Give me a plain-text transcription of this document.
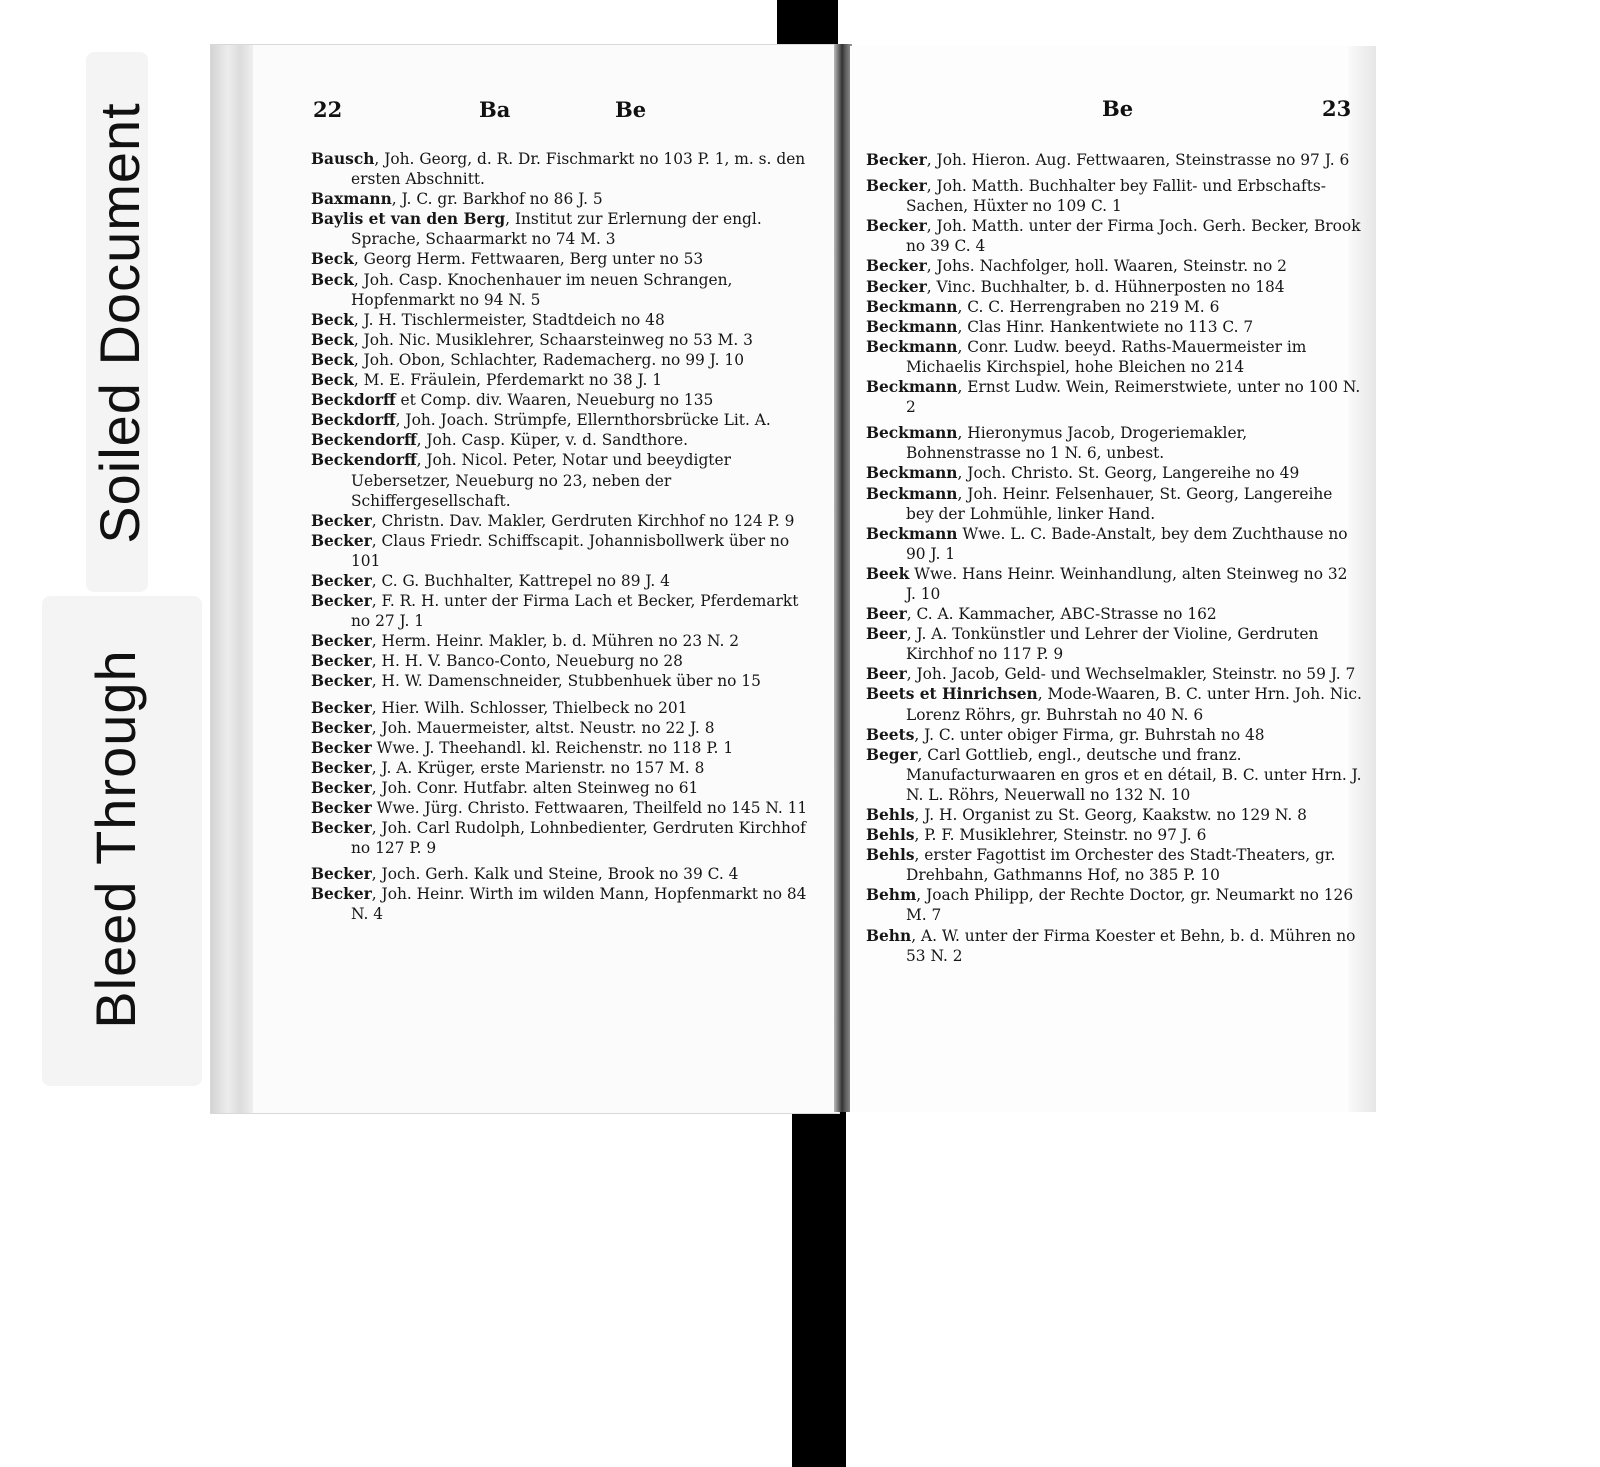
Soiled Document
Bleed Through
22	Ba	Be
Bausch, Joh. Georg, d. R. Dr. Fischmarkt no 103 P. 1, m. s. den ersten Abschnitt.
Baxmann, J. C. gr. Barkhof no 86 J. 5
Baylis et van den Berg, Institut zur Erlernung der engl. Sprache, Schaarmarkt no 74 M. 3
Beck, Georg Herm. Fettwaaren, Berg unter no 53
Beck, Joh. Casp. Knochenhauer im neuen Schrangen, Hopfenmarkt no 94 N. 5
Beck, J. H. Tischlermeister, Stadtdeich no 48
Beck, Joh. Nic. Musiklehrer, Schaarsteinweg no 53 M. 3
Beck, Joh. Obon, Schlachter, Rademacherg. no 99 J. 10
Beck, M. E. Fräulein, Pferdemarkt no 38 J. 1
Beckdorff et Comp. div. Waaren, Neueburg no 135
Beckdorff, Joh. Joach. Strümpfe, Ellernthorsbrücke Lit. A.
Beckendorff, Joh. Casp. Küper, v. d. Sandthore.
Beckendorff, Joh. Nicol. Peter, Notar und beeydigter Uebersetzer, Neueburg no 23, neben der Schiffergesellschaft.
Becker, Christn. Dav. Makler, Gerdruten Kirchhof no 124 P. 9
Becker, Claus Friedr. Schiffscapit. Johannisbollwerk über no 101
Becker, C. G. Buchhalter, Kattrepel no 89 J. 4
Becker, F. R. H. unter der Firma Lach et Becker, Pferdemarkt no 27 J. 1
Becker, Herm. Heinr. Makler, b. d. Mühren no 23 N. 2
Becker, H. H. V. Banco-Conto, Neueburg no 28
Becker, H. W. Damenschneider, Stubbenhuek über no 15
Becker, Hier. Wilh. Schlosser, Thielbeck no 201
Becker, Joh. Mauermeister, altst. Neustr. no 22 J. 8
Becker Wwe. J. Theehandl. kl. Reichenstr. no 118 P. 1
Becker, J. A. Krüger, erste Marienstr. no 157 M. 8
Becker, Joh. Conr. Hutfabr. alten Steinweg no 61
Becker Wwe. Jürg. Christo. Fettwaaren, Theilfeld no 145 N. 11
Becker, Joh. Carl Rudolph, Lohnbedienter, Gerdruten Kirchhof no 127 P. 9
Becker, Joch. Gerh. Kalk und Steine, Brook no 39 C. 4
Becker, Joh. Heinr. Wirth im wilden Mann, Hopfenmarkt no 84 N. 4
Be	23
Becker, Joh. Hieron. Aug. Fettwaaren, Steinstrasse no 97 J. 6
Becker, Joh. Matth. Buchhalter bey Fallit- und Erbschafts-Sachen, Hüxter no 109 C. 1
Becker, Joh. Matth. unter der Firma Joch. Gerh. Becker, Brook no 39 C. 4
Becker, Johs. Nachfolger, holl. Waaren, Steinstr. no 2
Becker, Vinc. Buchhalter, b. d. Hühnerposten no 184
Beckmann, C. C. Herrengraben no 219 M. 6
Beckmann, Clas Hinr. Hankentwiete no 113 C. 7
Beckmann, Conr. Ludw. beeyd. Raths-Mauermeister im Michaelis Kirchspiel, hohe Bleichen no 214
Beckmann, Ernst Ludw. Wein, Reimerstwiete, unter no 100 N. 2
Beckmann, Hieronymus Jacob, Drogeriemakler, Bohnenstrasse no 1 N. 6, unbest.
Beckmann, Joch. Christo. St. Georg, Langereihe no 49
Beckmann, Joh. Heinr. Felsenhauer, St. Georg, Langereihe bey der Lohmühle, linker Hand.
Beckmann Wwe. L. C. Bade-Anstalt, bey dem Zuchthause no 90 J. 1
Beek Wwe. Hans Heinr. Weinhandlung, alten Steinweg no 32 J. 10
Beer, C. A. Kammacher, ABC-Strasse no 162
Beer, J. A. Tonkünstler und Lehrer der Violine, Gerdruten Kirchhof no 117 P. 9
Beer, Joh. Jacob, Geld- und Wechselmakler, Steinstr. no 59 J. 7
Beets et Hinrichsen, Mode-Waaren, B. C. unter Hrn. Joh. Nic. Lorenz Röhrs, gr. Buhrstah no 40 N. 6
Beets, J. C. unter obiger Firma, gr. Buhrstah no 48
Beger, Carl Gottlieb, engl., deutsche und franz. Manufacturwaaren en gros et en détail, B. C. unter Hrn. J. N. L. Röhrs, Neuerwall no 132 N. 10
Behls, J. H. Organist zu St. Georg, Kaakstw. no 129 N. 8
Behls, P. F. Musiklehrer, Steinstr. no 97 J. 6
Behls, erster Fagottist im Orchester des Stadt-Theaters, gr. Drehbahn, Gathmanns Hof, no 385 P. 10
Behm, Joach Philipp, der Rechte Doctor, gr. Neumarkt no 126 M. 7
Behn, A. W. unter der Firma Koester et Behn, b. d. Mühren no 53 N. 2
